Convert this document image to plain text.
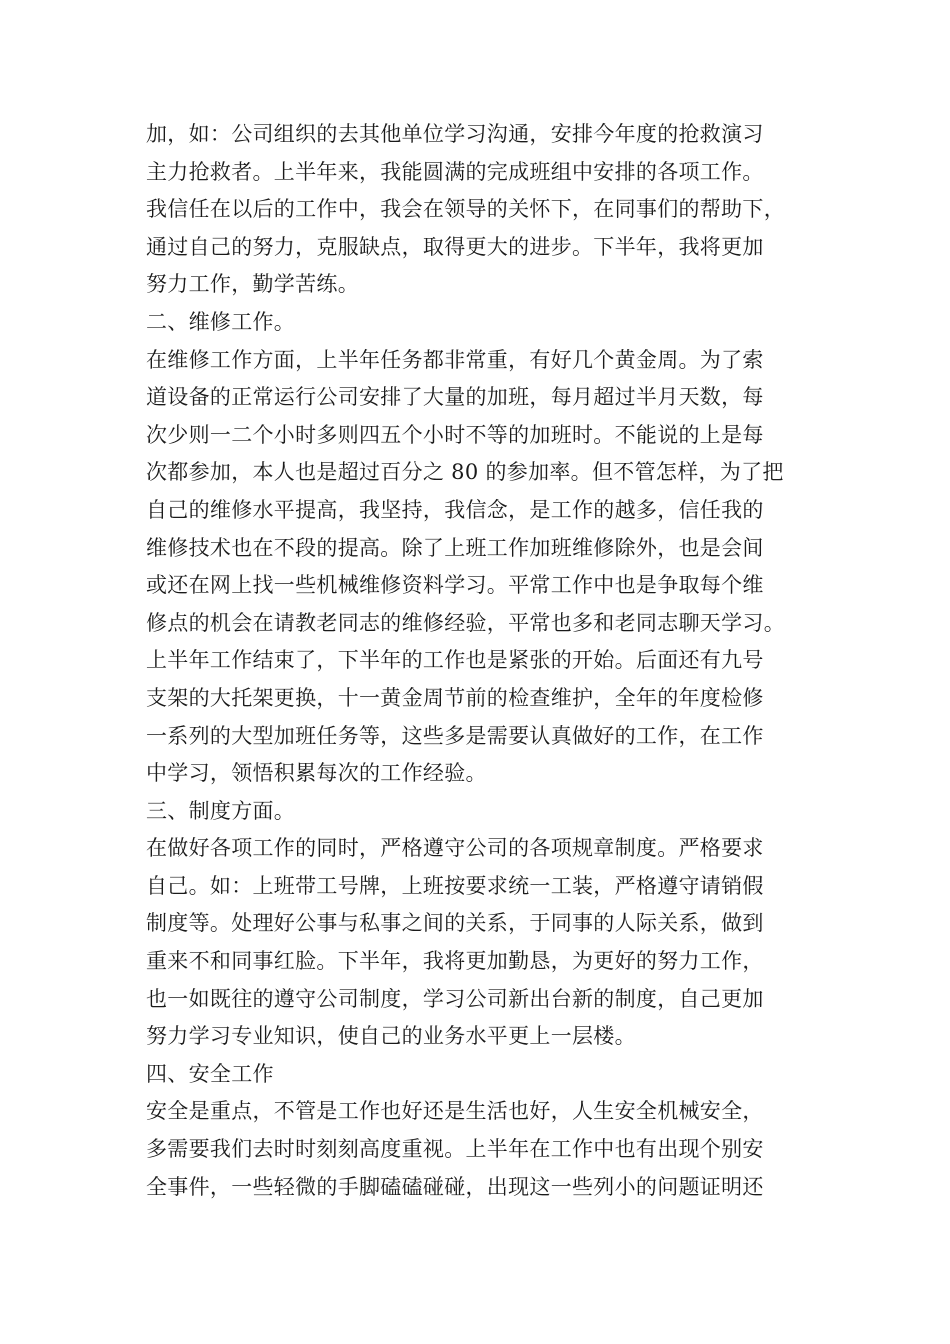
加，如：公司组织的去其他单位学习沟通，安排今年度的抢救演习
主力抢救者。上半年来，我能圆满的完成班组中安排的各项工作。
我信任在以后的工作中，我会在领导的关怀下，在同事们的帮助下，
通过自己的努力，克服缺点，取得更大的进步。下半年，我将更加
努力工作，勤学苦练。
二、维修工作。
在维修工作方面，上半年任务都非常重，有好几个黄金周。为了索
道设备的正常运行公司安排了大量的加班，每月超过半月天数，每
次少则一二个小时多则四五个小时不等的加班时。不能说的上是每
次都参加，本人也是超过百分之 80 的参加率。但不管怎样，为了把
自己的维修水平提高，我坚持，我信念，是工作的越多，信任我的
维修技术也在不段的提高。除了上班工作加班维修除外，也是会间
或还在网上找一些机械维修资料学习。平常工作中也是争取每个维
修点的机会在请教老同志的维修经验，平常也多和老同志聊天学习。
上半年工作结束了，下半年的工作也是紧张的开始。后面还有九号
支架的大托架更换，十一黄金周节前的检查维护，全年的年度检修
一系列的大型加班任务等，这些多是需要认真做好的工作，在工作
中学习，领悟积累每次的工作经验。
三、制度方面。
在做好各项工作的同时，严格遵守公司的各项规章制度。严格要求
自己。如：上班带工号牌，上班按要求统一工装，严格遵守请销假
制度等。处理好公事与私事之间的关系，于同事的人际关系，做到
重来不和同事红脸。下半年，我将更加勤恳，为更好的努力工作，
也一如既往的遵守公司制度，学习公司新出台新的制度，自己更加
努力学习专业知识，使自己的业务水平更上一层楼。
四、安全工作
安全是重点，不管是工作也好还是生活也好，人生安全机械安全，
多需要我们去时时刻刻高度重视。上半年在工作中也有出现个别安
全事件，一些轻微的手脚磕磕碰碰，出现这一些列小的问题证明还
